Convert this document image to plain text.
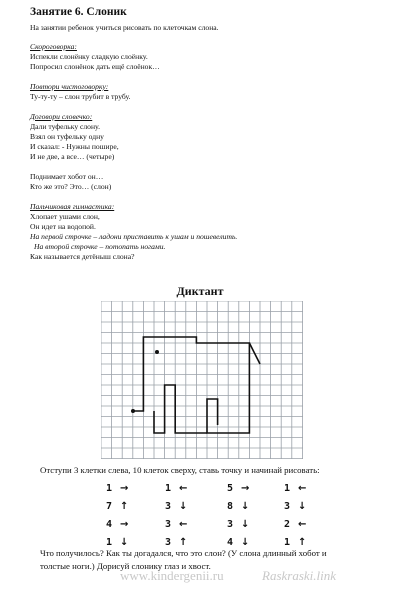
Занятие 6. Слоник
На занятии ребенок учиться рисовать по клеточкам слона.
Скороговорка:
Испекли слонёнку сладкую слоёнку.
Попросил слонёнок дать ещё слоёнок…
Повтори чистоговорку:
Ту-ту-ту – слон трубит в трубу.
Договори словечко:
Дали туфельку слону.
Взял он туфельку одну
И сказал: - Нужны пошире,
И не две, а все… (четыре)
Поднимает хобот он…
Кто же это? Это… (слон)
Пальчиковая гимнастика:
Хлопает ушами слон,
Он идет на водопой.
На первой строчке – ладони приставить к ушам и пошевелить.
На второй строчке – потопать ногами.
Как называется детёныш слона?
Диктант
Отступи 3 клетки слева, 10 клеток сверху, ставь точку и начинай рисовать:
1 →	1 ←	5 →	1 ←
7 ↑	3 ↓	8 ↓	3 ↓
4 →	3 ←	3 ↓	2 ←
1 ↓	3 ↑	4 ↓	1 ↑
Что получилось? Как ты догадался, что это слон? (У слона длинный хобот и
толстые ноги.) Дорисуй слонику глаз и хвост.
www.kindergenii.ru	Raskraski.link
